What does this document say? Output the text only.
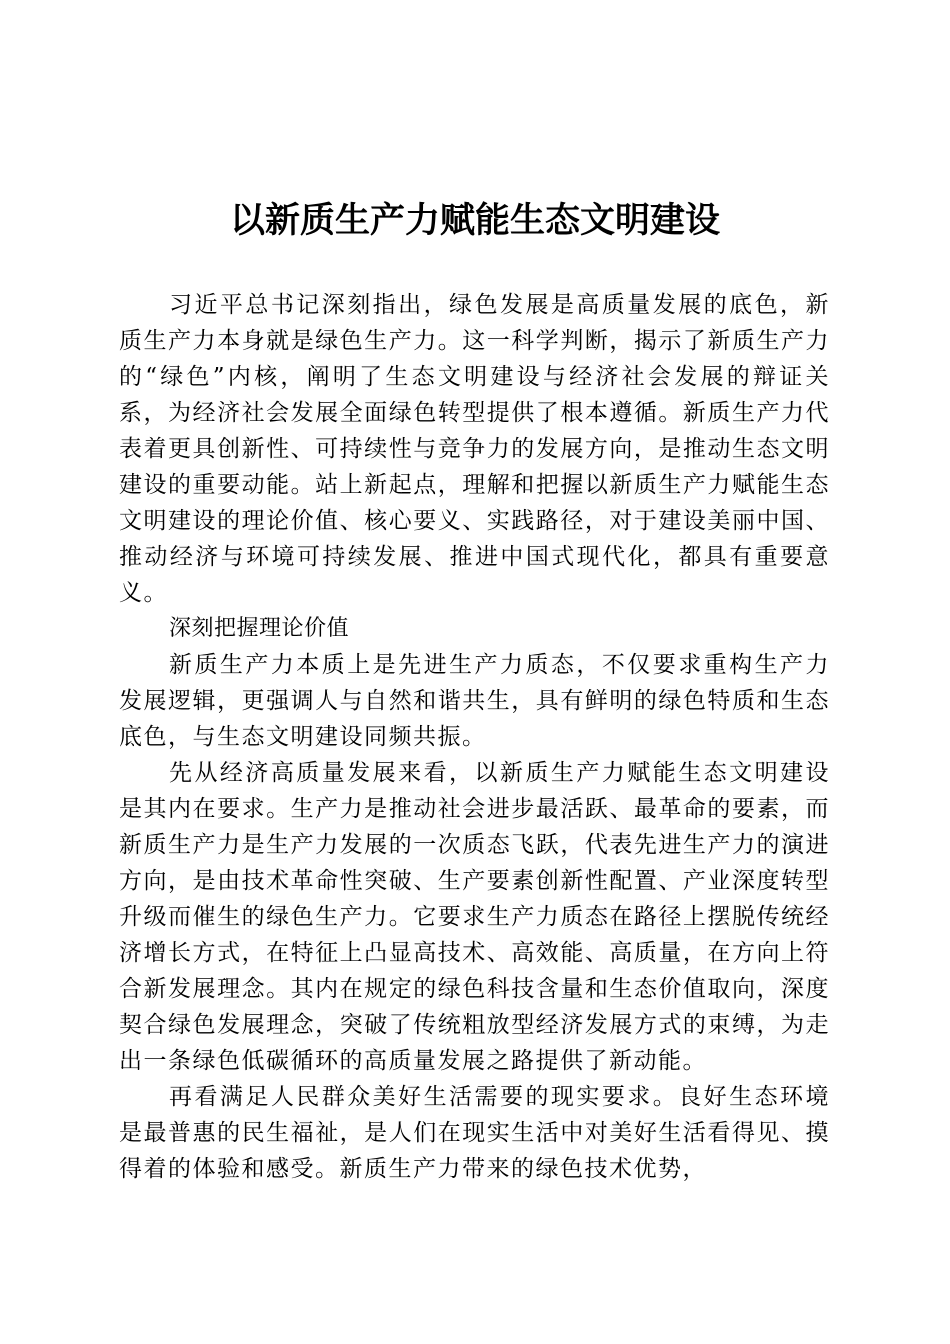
以新质生产力赋能生态文明建设

习近平总书记深刻指出，绿色发展是高质量发展的底色，新质生产力本身就是绿色生产力。这一科学判断，揭示了新质生产力的“绿色”内核，阐明了生态文明建设与经济社会发展的辩证关系，为经济社会发展全面绿色转型提供了根本遵循。新质生产力代表着更具创新性、可持续性与竞争力的发展方向，是推动生态文明建设的重要动能。站上新起点，理解和把握以新质生产力赋能生态文明建设的理论价值、核心要义、实践路径，对于建设美丽中国、推动经济与环境可持续发展、推进中国式现代化，都具有重要意义。

深刻把握理论价值

新质生产力本质上是先进生产力质态，不仅要求重构生产力发展逻辑，更强调人与自然和谐共生，具有鲜明的绿色特质和生态底色，与生态文明建设同频共振。

先从经济高质量发展来看，以新质生产力赋能生态文明建设是其内在要求。生产力是推动社会进步最活跃、最革命的要素，而新质生产力是生产力发展的一次质态飞跃，代表先进生产力的演进方向，是由技术革命性突破、生产要素创新性配置、产业深度转型升级而催生的绿色生产力。它要求生产力质态在路径上摆脱传统经济增长方式，在特征上凸显高技术、高效能、高质量，在方向上符合新发展理念。其内在规定的绿色科技含量和生态价值取向，深度契合绿色发展理念，突破了传统粗放型经济发展方式的束缚，为走出一条绿色低碳循环的高质量发展之路提供了新动能。

再看满足人民群众美好生活需要的现实要求。良好生态环境是最普惠的民生福祉，是人们在现实生活中对美好生活看得见、摸得着的体验和感受。新质生产力带来的绿色技术优势，
